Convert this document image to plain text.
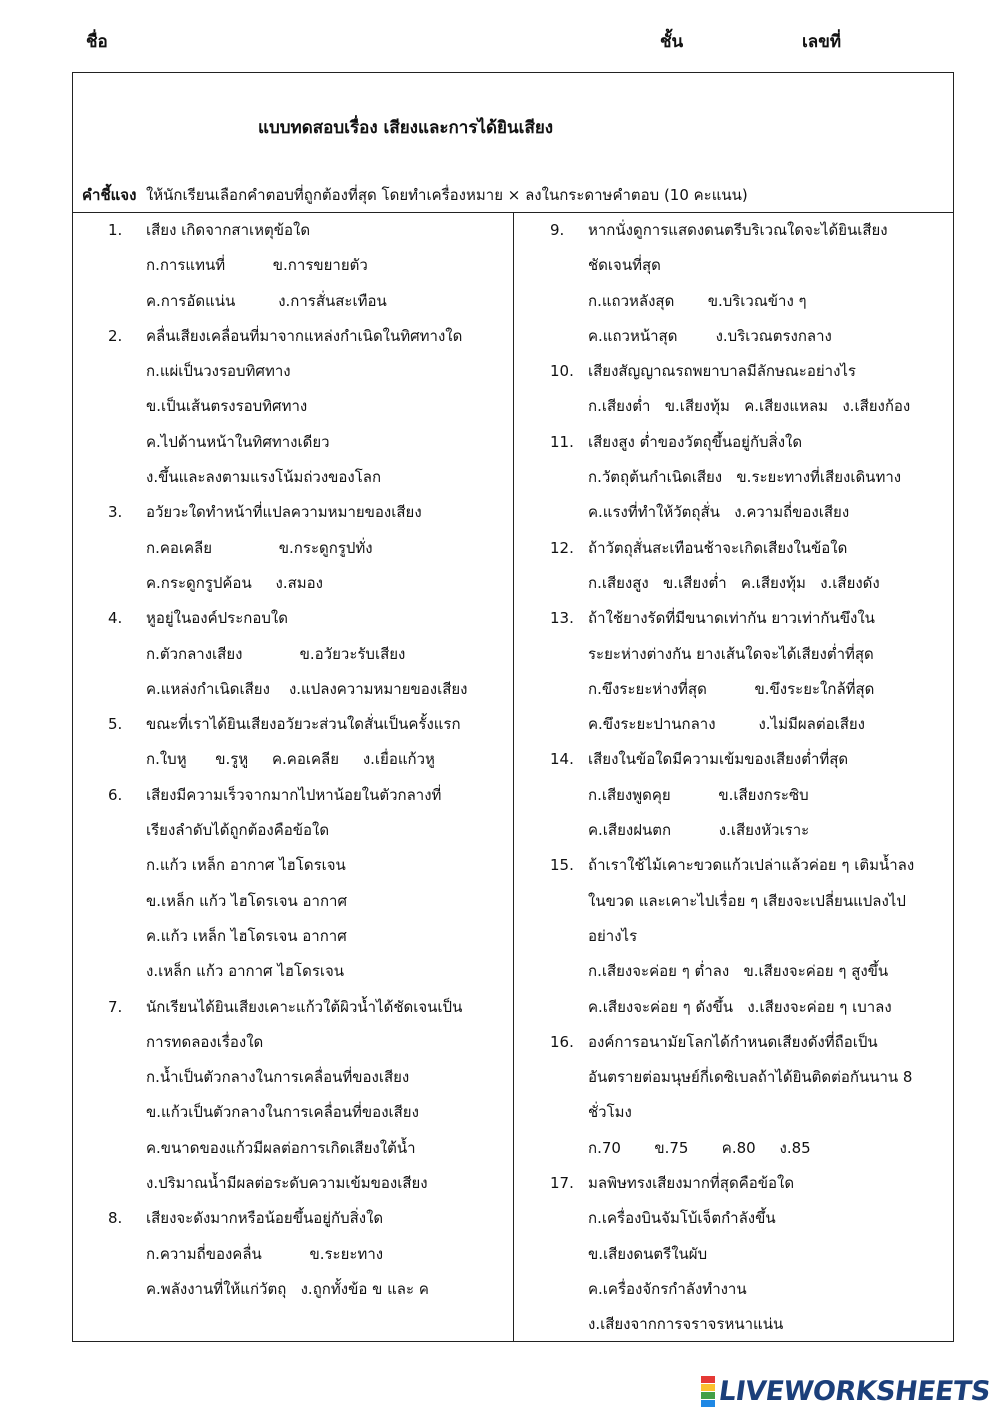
ชื่อ	ชั้น	เลขที่
แบบทดสอบเรื่อง เสียงและการได้ยินเสียง
คำชี้แจง ให้นักเรียนเลือกคำตอบที่ถูกต้องที่สุด โดยทำเครื่องหมาย × ลงในกระดาษคำตอบ (10 คะแนน)
1. เสียง เกิดจากสาเหตุข้อใด
ก.การแทนที่          ข.การขยายตัว
ค.การอัดแน่น         ง.การสั่นสะเทือน
2. คลื่นเสียงเคลื่อนที่มาจากแหล่งกำเนิดในทิศทางใด
ก.แผ่เป็นวงรอบทิศทาง
ข.เป็นเส้นตรงรอบทิศทาง
ค.ไปด้านหน้าในทิศทางเดียว
ง.ขึ้นและลงตามแรงโน้มถ่วงของโลก
3. อวัยวะใดทำหน้าที่แปลความหมายของเสียง
ก.คอเคลีย              ข.กระดูกรูปทั่ง
ค.กระดูกรูปค้อน     ง.สมอง
4. หูอยู่ในองค์ประกอบใด
ก.ตัวกลางเสียง            ข.อวัยวะรับเสียง
ค.แหล่งกำเนิดเสียง    ง.แปลงความหมายของเสียง
5. ขณะที่เราได้ยินเสียงอวัยวะส่วนใดสั่นเป็นครั้งแรก
ก.ใบหู      ข.รูหู     ค.คอเคลีย     ง.เยื่อแก้วหู
6. เสียงมีความเร็วจากมากไปหาน้อยในตัวกลางที่
เรียงลำดับได้ถูกต้องคือข้อใด
ก.แก้ว เหล็ก อากาศ ไฮโดรเจน
ข.เหล็ก แก้ว ไฮโดรเจน อากาศ
ค.แก้ว เหล็ก ไฮโดรเจน อากาศ
ง.เหล็ก แก้ว อากาศ ไฮโดรเจน
7. นักเรียนได้ยินเสียงเคาะแก้วใต้ผิวน้ำได้ชัดเจนเป็น
การทดลองเรื่องใด
ก.น้ำเป็นตัวกลางในการเคลื่อนที่ของเสียง
ข.แก้วเป็นตัวกลางในการเคลื่อนที่ของเสียง
ค.ขนาดของแก้วมีผลต่อการเกิดเสียงใต้น้ำ
ง.ปริมาณน้ำมีผลต่อระดับความเข้มของเสียง
8. เสียงจะดังมากหรือน้อยขึ้นอยู่กับสิ่งใด
ก.ความถี่ของคลื่น          ข.ระยะทาง
ค.พลังงานที่ให้แก่วัตถุ   ง.ถูกทั้งข้อ ข และ ค
9. หากนั่งดูการแสดงดนตรีบริเวณใดจะได้ยินเสียง
ชัดเจนที่สุด
ก.แถวหลังสุด       ข.บริเวณข้าง ๆ
ค.แถวหน้าสุด        ง.บริเวณตรงกลาง
10. เสียงสัญญาณรถพยาบาลมีลักษณะอย่างไร
ก.เสียงต่ำ   ข.เสียงทุ้ม   ค.เสียงแหลม   ง.เสียงก้อง
11. เสียงสูง ต่ำของวัตถุขึ้นอยู่กับสิ่งใด
ก.วัตถุต้นกำเนิดเสียง   ข.ระยะทางที่เสียงเดินทาง
ค.แรงที่ทำให้วัตถุสั่น   ง.ความถี่ของเสียง
12. ถ้าวัตถุสั่นสะเทือนช้าจะเกิดเสียงในข้อใด
ก.เสียงสูง   ข.เสียงต่ำ   ค.เสียงทุ้ม   ง.เสียงดัง
13. ถ้าใช้ยางรัดที่มีขนาดเท่ากัน ยาวเท่ากันขึงใน
ระยะห่างต่างกัน ยางเส้นใดจะได้เสียงต่ำที่สุด
ก.ขึงระยะห่างที่สุด          ข.ขึงระยะใกล้ที่สุด
ค.ขึงระยะปานกลาง         ง.ไม่มีผลต่อเสียง
14. เสียงในข้อใดมีความเข้มของเสียงต่ำที่สุด
ก.เสียงพูดคุย          ข.เสียงกระซิบ
ค.เสียงฝนตก          ง.เสียงหัวเราะ
15. ถ้าเราใช้ไม้เคาะขวดแก้วเปล่าแล้วค่อย ๆ เติมน้ำลง
ในขวด และเคาะไปเรื่อย ๆ เสียงจะเปลี่ยนแปลงไป
อย่างไร
ก.เสียงจะค่อย ๆ ต่ำลง   ข.เสียงจะค่อย ๆ สูงขึ้น
ค.เสียงจะค่อย ๆ ดังขึ้น   ง.เสียงจะค่อย ๆ เบาลง
16. องค์การอนามัยโลกได้กำหนดเสียงดังที่ถือเป็น
อันตรายต่อมนุษย์กี่เดซิเบลถ้าได้ยินติดต่อกันนาน 8
ชั่วโมง
ก.70       ข.75       ค.80     ง.85
17. มลพิษทรงเสียงมากที่สุดคือข้อใด
ก.เครื่องบินจัมโบ้เจ็ตกำลังขึ้น
ข.เสียงดนตรีในผับ
ค.เครื่องจักรกำลังทำงาน
ง.เสียงจากการจราจรหนาแน่น
LIVEWORKSHEETS
